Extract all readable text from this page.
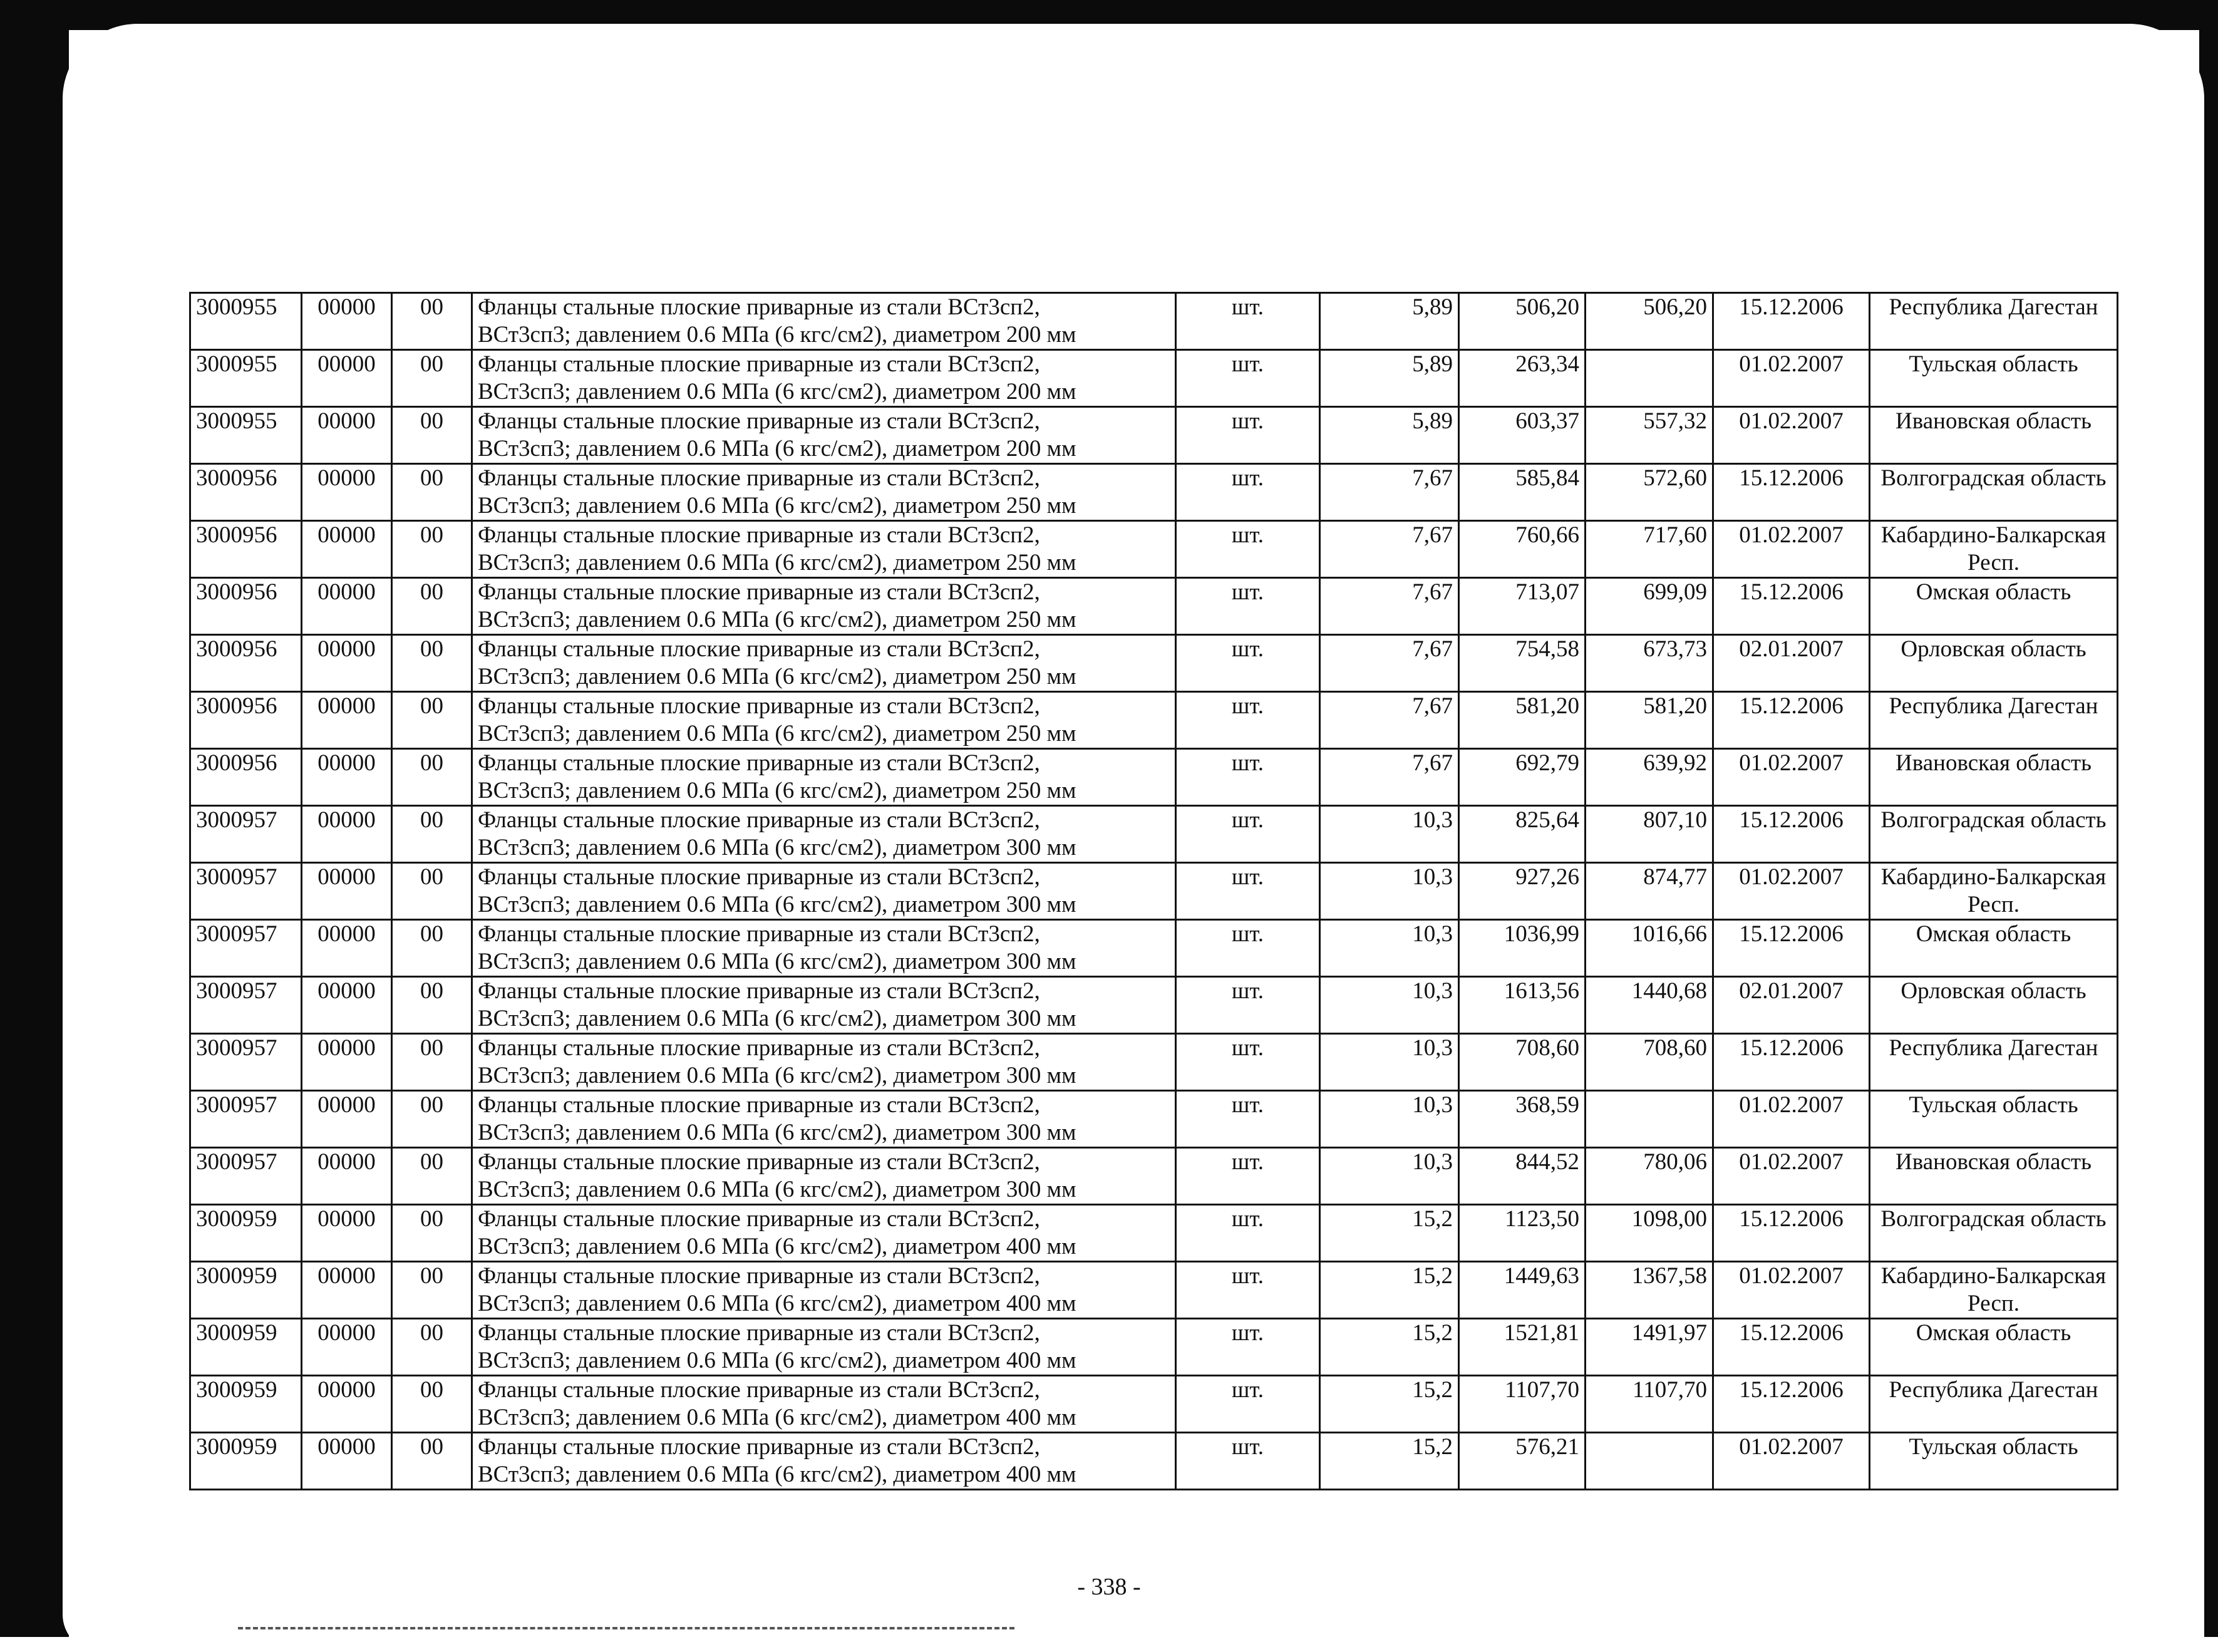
3000955	00000	00	Фланцы стальные плоские приварные из стали ВСт3сп2,
ВСт3сп3; давлением 0.6 МПа (6 кгс/см2), диаметром 200 мм	шт.	5,89	506,20	506,20	15.12.2006	Республика Дагестан
3000955	00000	00	Фланцы стальные плоские приварные из стали ВСт3сп2,
ВСт3сп3; давлением 0.6 МПа (6 кгс/см2), диаметром 200 мм	шт.	5,89	263,34		01.02.2007	Тульская область
3000955	00000	00	Фланцы стальные плоские приварные из стали ВСт3сп2,
ВСт3сп3; давлением 0.6 МПа (6 кгс/см2), диаметром 200 мм	шт.	5,89	603,37	557,32	01.02.2007	Ивановская область
3000956	00000	00	Фланцы стальные плоские приварные из стали ВСт3сп2,
ВСт3сп3; давлением 0.6 МПа (6 кгс/см2), диаметром 250 мм	шт.	7,67	585,84	572,60	15.12.2006	Волгоградская область
3000956	00000	00	Фланцы стальные плоские приварные из стали ВСт3сп2,
ВСт3сп3; давлением 0.6 МПа (6 кгс/см2), диаметром 250 мм	шт.	7,67	760,66	717,60	01.02.2007	Кабардино-Балкарская Респ.
3000956	00000	00	Фланцы стальные плоские приварные из стали ВСт3сп2,
ВСт3сп3; давлением 0.6 МПа (6 кгс/см2), диаметром 250 мм	шт.	7,67	713,07	699,09	15.12.2006	Омская область
3000956	00000	00	Фланцы стальные плоские приварные из стали ВСт3сп2,
ВСт3сп3; давлением 0.6 МПа (6 кгс/см2), диаметром 250 мм	шт.	7,67	754,58	673,73	02.01.2007	Орловская область
3000956	00000	00	Фланцы стальные плоские приварные из стали ВСт3сп2,
ВСт3сп3; давлением 0.6 МПа (6 кгс/см2), диаметром 250 мм	шт.	7,67	581,20	581,20	15.12.2006	Республика Дагестан
3000956	00000	00	Фланцы стальные плоские приварные из стали ВСт3сп2,
ВСт3сп3; давлением 0.6 МПа (6 кгс/см2), диаметром 250 мм	шт.	7,67	692,79	639,92	01.02.2007	Ивановская область
3000957	00000	00	Фланцы стальные плоские приварные из стали ВСт3сп2,
ВСт3сп3; давлением 0.6 МПа (6 кгс/см2), диаметром 300 мм	шт.	10,3	825,64	807,10	15.12.2006	Волгоградская область
3000957	00000	00	Фланцы стальные плоские приварные из стали ВСт3сп2,
ВСт3сп3; давлением 0.6 МПа (6 кгс/см2), диаметром 300 мм	шт.	10,3	927,26	874,77	01.02.2007	Кабардино-Балкарская Респ.
3000957	00000	00	Фланцы стальные плоские приварные из стали ВСт3сп2,
ВСт3сп3; давлением 0.6 МПа (6 кгс/см2), диаметром 300 мм	шт.	10,3	1036,99	1016,66	15.12.2006	Омская область
3000957	00000	00	Фланцы стальные плоские приварные из стали ВСт3сп2,
ВСт3сп3; давлением 0.6 МПа (6 кгс/см2), диаметром 300 мм	шт.	10,3	1613,56	1440,68	02.01.2007	Орловская область
3000957	00000	00	Фланцы стальные плоские приварные из стали ВСт3сп2,
ВСт3сп3; давлением 0.6 МПа (6 кгс/см2), диаметром 300 мм	шт.	10,3	708,60	708,60	15.12.2006	Республика Дагестан
3000957	00000	00	Фланцы стальные плоские приварные из стали ВСт3сп2,
ВСт3сп3; давлением 0.6 МПа (6 кгс/см2), диаметром 300 мм	шт.	10,3	368,59		01.02.2007	Тульская область
3000957	00000	00	Фланцы стальные плоские приварные из стали ВСт3сп2,
ВСт3сп3; давлением 0.6 МПа (6 кгс/см2), диаметром 300 мм	шт.	10,3	844,52	780,06	01.02.2007	Ивановская область
3000959	00000	00	Фланцы стальные плоские приварные из стали ВСт3сп2,
ВСт3сп3; давлением 0.6 МПа (6 кгс/см2), диаметром 400 мм	шт.	15,2	1123,50	1098,00	15.12.2006	Волгоградская область
3000959	00000	00	Фланцы стальные плоские приварные из стали ВСт3сп2,
ВСт3сп3; давлением 0.6 МПа (6 кгс/см2), диаметром 400 мм	шт.	15,2	1449,63	1367,58	01.02.2007	Кабардино-Балкарская Респ.
3000959	00000	00	Фланцы стальные плоские приварные из стали ВСт3сп2,
ВСт3сп3; давлением 0.6 МПа (6 кгс/см2), диаметром 400 мм	шт.	15,2	1521,81	1491,97	15.12.2006	Омская область
3000959	00000	00	Фланцы стальные плоские приварные из стали ВСт3сп2,
ВСт3сп3; давлением 0.6 МПа (6 кгс/см2), диаметром 400 мм	шт.	15,2	1107,70	1107,70	15.12.2006	Республика Дагестан
3000959	00000	00	Фланцы стальные плоские приварные из стали ВСт3сп2,
ВСт3сп3; давлением 0.6 МПа (6 кгс/см2), диаметром 400 мм	шт.	15,2	576,21		01.02.2007	Тульская область
- 338 -
